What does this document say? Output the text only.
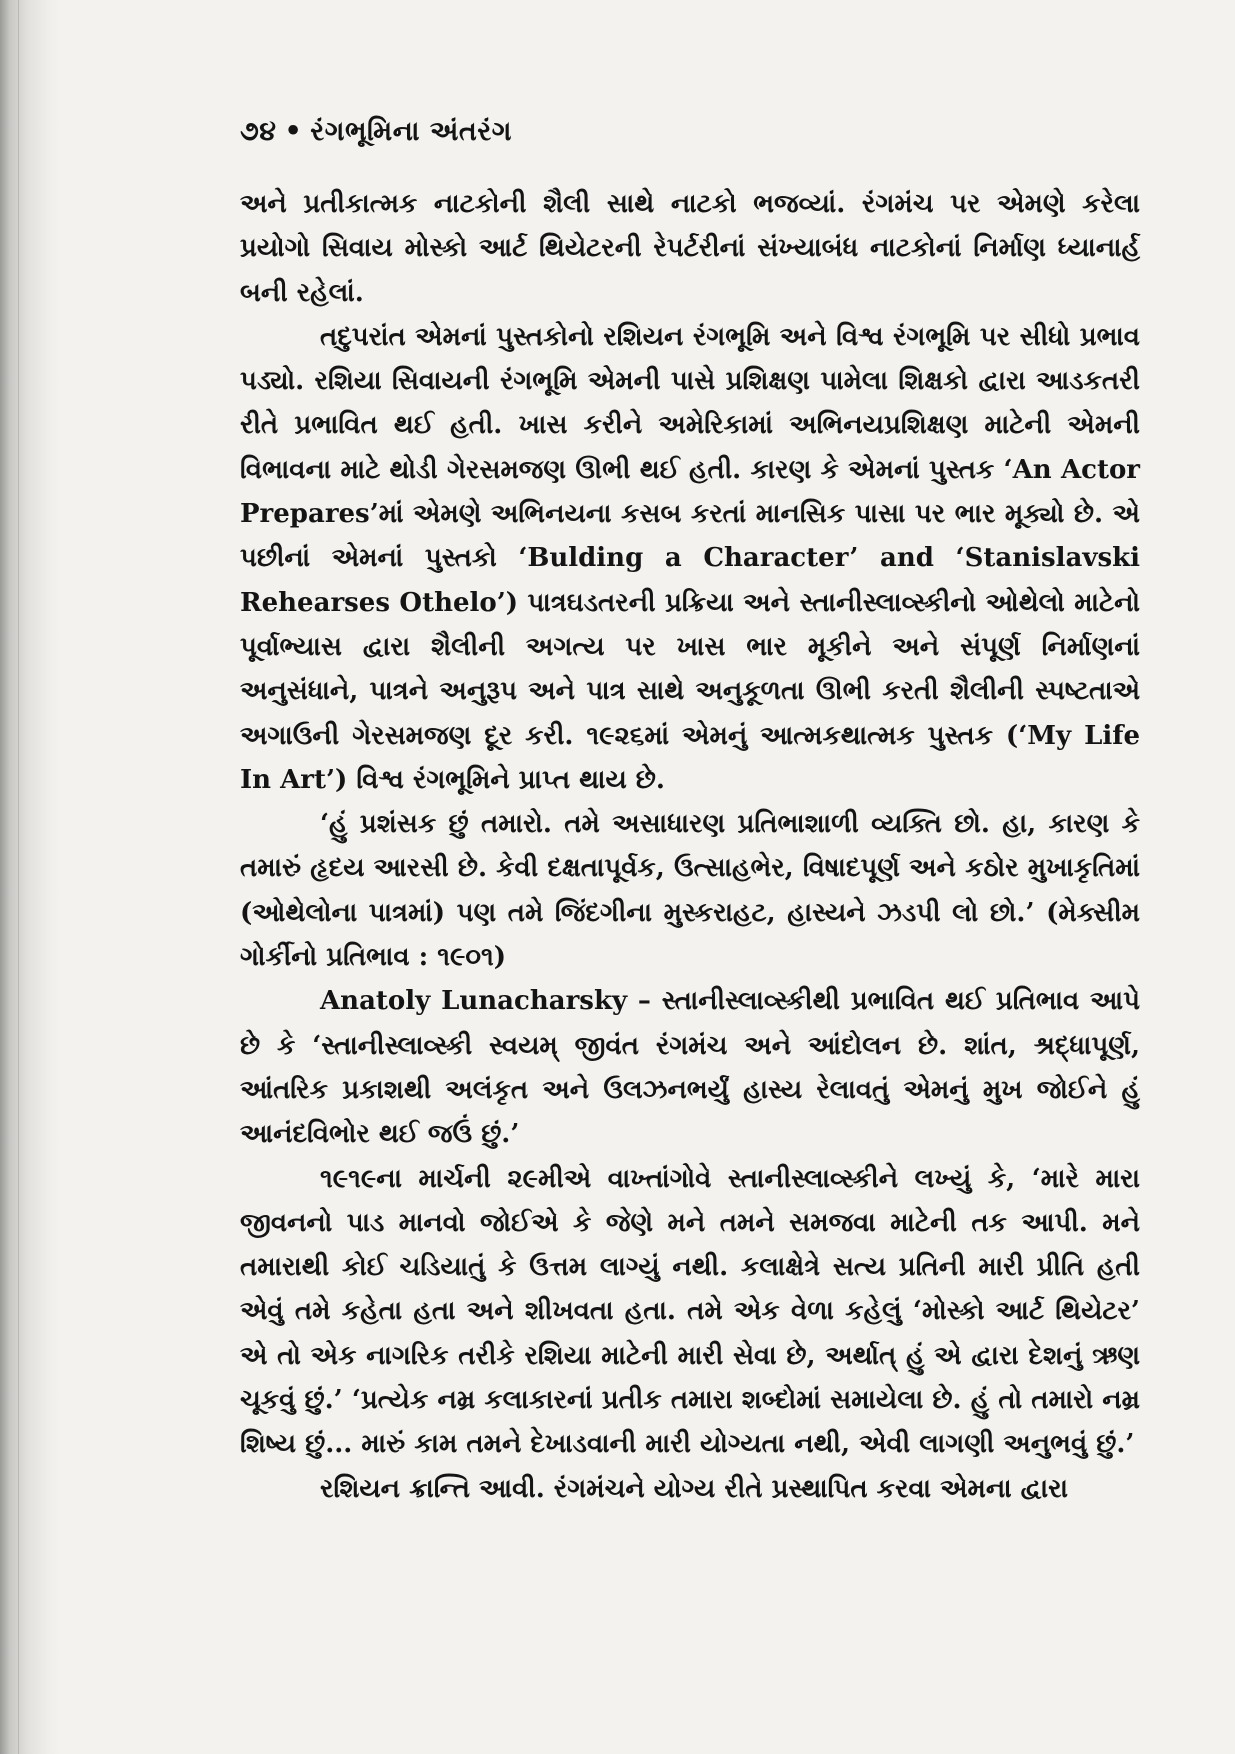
૭૪ • રંગભૂમિના અંતરંગ

અને પ્રતીકાત્મક નાટકોની શૈલી સાથે નાટકો ભજવ્યાં. રંગમંચ પર એમણે કરેલા પ્રયોગો સિવાય મોસ્કો આર્ટ થિયેટરની રેપર્ટરીનાં સંખ્યાબંધ નાટકોનાં નિર્માણ ધ્યાનાર્હ બની રહેલાં.

તદુપરાંત એમનાં પુસ્તકોનો રશિયન રંગભૂમિ અને વિશ્વ રંગભૂમિ પર સીધો પ્રભાવ પડ્યો. રશિયા સિવાયની રંગભૂમિ એમની પાસે પ્રશિક્ષણ પામેલા શિક્ષકો દ્વારા આડકતરી રીતે પ્રભાવિત થઈ હતી. ખાસ કરીને અમેરિકામાં અભિનયપ્રશિક્ષણ માટેની એમની વિભાવના માટે થોડી ગેરસમજણ ઊભી થઈ હતી. કારણ કે એમનાં પુસ્તક ‘An Actor Prepares’માં એમણે અભિનયના કસબ કરતાં માનસિક પાસા પર ભાર મૂક્યો છે. એ પછીનાં એમનાં પુસ્તકો ‘Bulding a Character’ and ‘Stanislavski Rehearses Othelo’) પાત્રઘડતરની પ્રક્રિયા અને સ્તાનીસ્લાવ્સ્કીનો ઓથેલો માટેનો પૂર્વાભ્યાસ દ્વારા શૈલીની અગત્ય પર ખાસ ભાર મૂકીને અને સંપૂર્ણ નિર્માણનાં અનુસંધાને, પાત્રને અનુરૂપ અને પાત્ર સાથે અનુકૂળતા ઊભી કરતી શૈલીની સ્પષ્ટતાએ અગાઉની ગેરસમજણ દૂર કરી. ૧૯૨૬માં એમનું આત્મકથાત્મક પુસ્તક (‘My Life In Art’) વિશ્વ રંગભૂમિને પ્રાપ્ત થાય છે.

‘હું પ્રશંસક છું તમારો. તમે અસાધારણ પ્રતિભાશાળી વ્યક્તિ છો. હા, કારણ કે તમારું હૃદય આરસી છે. કેવી દક્ષતાપૂર્વક, ઉત્સાહભેર, વિષાદપૂર્ણ અને કઠોર મુખાકૃતિમાં (ઓથેલોના પાત્રમાં) પણ તમે જિંદગીના મુસ્કરાહટ, હાસ્યને ઝડપી લો છો.’ (મેક્સીમ ગોર્કીનો પ્રતિભાવ : ૧૯૦૧)

Anatoly Lunacharsky – સ્તાનીસ્લાવ્સ્કીથી પ્રભાવિત થઈ પ્રતિભાવ આપે છે કે ‘સ્તાનીસ્લાવ્સ્કી સ્વયમ્ જીવંત રંગમંચ અને આંદોલન છે. શાંત, શ્રદ્ધાપૂર્ણ, આંતરિક પ્રકાશથી અલંકૃત અને ઉલઝનભર્યું હાસ્ય રેલાવતું એમનું મુખ જોઈને હું આનંદવિભોર થઈ જઉં છું.’

૧૯૧૯ના માર્ચની ૨૯મીએ વાખ્તાંગોવે સ્તાનીસ્લાવ્સ્કીને લખ્યું કે, ‘મારે મારા જીવનનો પાડ માનવો જોઈએ કે જેણે મને તમને સમજવા માટેની તક આપી. મને તમારાથી કોઈ ચડિયાતું કે ઉત્તમ લાગ્યું નથી. કલાક્ષેત્રે સત્ય પ્રતિની મારી પ્રીતિ હતી એવું તમે કહેતા હતા અને શીખવતા હતા. તમે એક વેળા કહેલું ‘મોસ્કો આર્ટ થિયેટર’ એ તો એક નાગરિક તરીકે રશિયા માટેની મારી સેવા છે, અર્થાત્ હું એ દ્વારા દેશનું ઋણ ચૂકવું છું.’ ‘પ્રત્યેક નમ્ર કલાકારનાં પ્રતીક તમારા શબ્દોમાં સમાયેલા છે. હું તો તમારો નમ્ર શિષ્ય છું... મારું કામ તમને દેખાડવાની મારી યોગ્યતા નથી, એવી લાગણી અનુભવું છું.’

રશિયન ક્રાન્તિ આવી. રંગમંચને યોગ્ય રીતે પ્રસ્થાપિત કરવા એમના દ્વારા
